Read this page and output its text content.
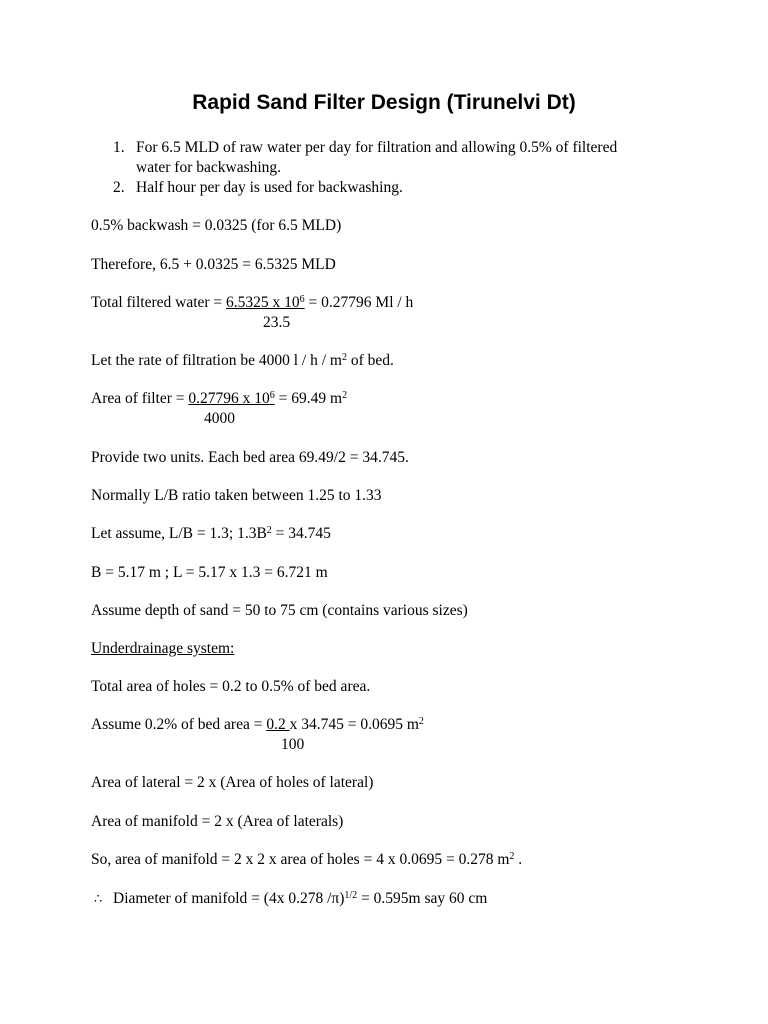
Rapid Sand Filter Design (Tirunelvi Dt)
1. For 6.5 MLD of raw water per day for filtration and allowing 0.5% of filtered
water for backwashing.
2. Half hour per day is used for backwashing.
0.5% backwash = 0.0325 (for 6.5 MLD)
Therefore, 6.5 + 0.0325 = 6.5325 MLD
Total filtered water = 6.5325 x $10^6 = 0.27796$ Ml / h
23.5
Let the rate of filtration be 4000 l / h / $m^2$ of bed.
Area of filter = 0.27796 x $10^6 = 69.49$ $m^2$
4000
Provide two units. Each bed area 69.49/2 = 34.745.
Normally L/B ratio taken between 1.25 to 1.33
Let assume, L/B = 1.3; $1.3B^2 = 34.745$
B = 5.17 m ; L = 5.17 x 1.3 = 6.721 m
Assume depth of sand = 50 to 75 cm (contains various sizes)
Underdrainage system:
Total area of holes = 0.2 to 0.5% of bed area.
Assume 0.2% of bed area = 0.2 x 34.745 = 0.0695 $m^2$
100
Area of lateral = 2 x (Area of holes of lateral)
Area of manifold = 2 x (Area of laterals)
So, area of manifold = 2 x 2 x area of holes = 4 x 0.0695 = 0.278 $m^2$ .
∴ Diameter of manifold = (4x 0.278 /π)$^{1/2}$ = 0.595m say 60 cm
